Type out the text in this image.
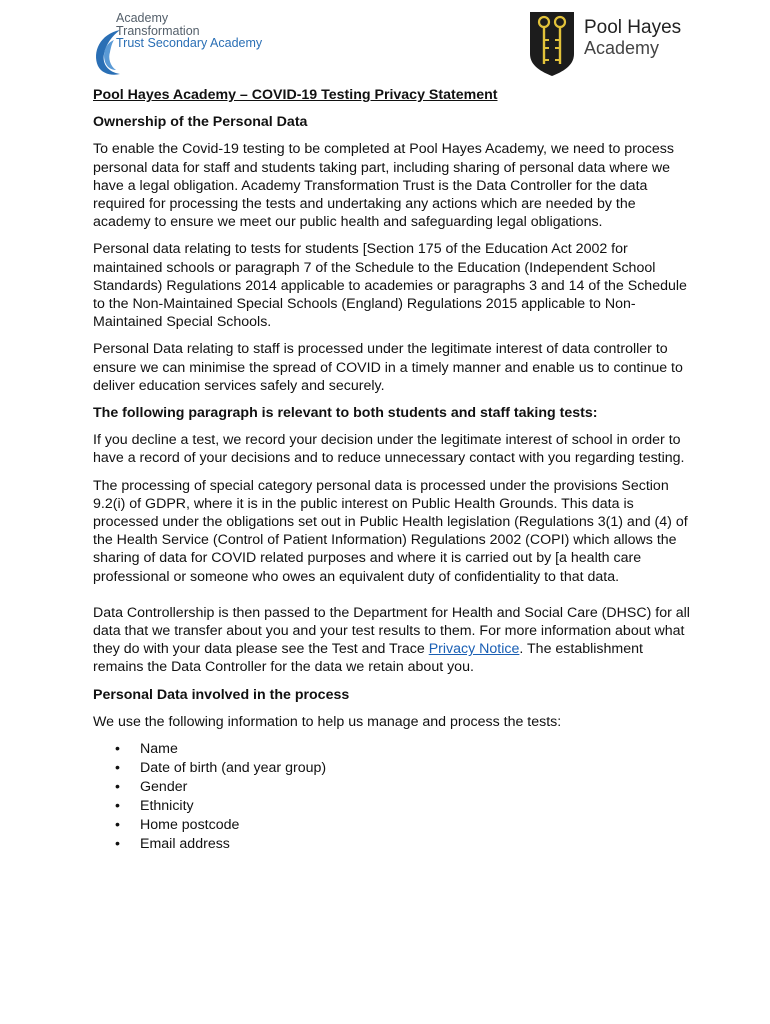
Academy
Transformation
Trust Secondary Academy
Pool Hayes
Academy
Pool Hayes Academy – COVID-19 Testing Privacy Statement
Ownership of the Personal Data

To enable the Covid-19 testing to be completed at Pool Hayes Academy, we need to process personal data for staff and students taking part, including sharing of personal data where we have a legal obligation. Academy Transformation Trust is the Data Controller for the data required for processing the tests and undertaking any actions which are needed by the academy to ensure we meet our public health and safeguarding legal obligations.

Personal data relating to tests for students [Section 175 of the Education Act 2002 for maintained schools or paragraph 7 of the Schedule to the Education (Independent School Standards) Regulations 2014 applicable to academies or paragraphs 3 and 14 of the Schedule to the Non-Maintained Special Schools (England) Regulations 2015 applicable to Non-Maintained Special Schools.

Personal Data relating to staff is processed under the legitimate interest of data controller to ensure we can minimise the spread of COVID in a timely manner and enable us to continue to deliver education services safely and securely.

The following paragraph is relevant to both students and staff taking tests:

If you decline a test, we record your decision under the legitimate interest of school in order to have a record of your decisions and to reduce unnecessary contact with you regarding testing.

The processing of special category personal data is processed under the provisions Section 9.2(i) of GDPR, where it is in the public interest on Public Health Grounds. This data is processed under the obligations set out in Public Health legislation (Regulations 3(1) and (4) of the Health Service (Control of Patient Information) Regulations 2002 (COPI) which allows the sharing of data for COVID related purposes and where it is carried out by [a health care professional or someone who owes an equivalent duty of confidentiality to that data.

Data Controllership is then passed to the Department for Health and Social Care (DHSC) for all data that we transfer about you and your test results to them. For more information about what they do with your data please see the Test and Trace Privacy Notice. The establishment remains the Data Controller for the data we retain about you.

Personal Data involved in the process

We use the following information to help us manage and process the tests:

• Name
• Date of birth (and year group)
• Gender
• Ethnicity
• Home postcode
• Email address
